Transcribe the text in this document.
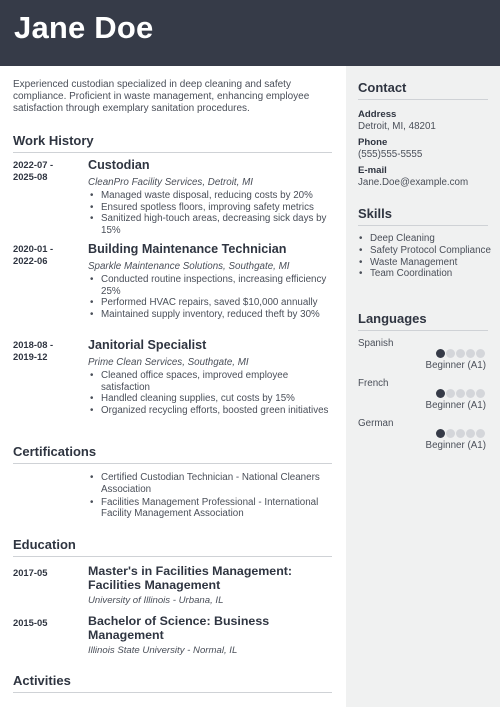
Jane Doe
Contact
Address
Detroit, MI, 48201
Phone
(555)555-5555
E-mail
Jane.Doe@example.com
Skills
• Deep Cleaning
• Safety Protocol Compliance
• Waste Management
• Team Coordination
Languages
Spanish
Beginner (A1)
French
Beginner (A1)
German
Beginner (A1)
Experienced custodian specialized in deep cleaning and safety compliance. Proficient in waste management, enhancing employee satisfaction through exemplary sanitation procedures.
Work History
2022-07 -
2025-08
Custodian
CleanPro Facility Services, Detroit, MI
• Managed waste disposal, reducing costs by 20%
• Ensured spotless floors, improving safety metrics
• Sanitized high-touch areas, decreasing sick days by 15%
2020-01 -
2022-06
Building Maintenance Technician
Sparkle Maintenance Solutions, Southgate, MI
• Conducted routine inspections, increasing efficiency 25%
• Performed HVAC repairs, saved $10,000 annually
• Maintained supply inventory, reduced theft by 30%
2018-08 -
2019-12
Janitorial Specialist
Prime Clean Services, Southgate, MI
• Cleaned office spaces, improved employee satisfaction
• Handled cleaning supplies, cut costs by 15%
• Organized recycling efforts, boosted green initiatives
Certifications
• Certified Custodian Technician - National Cleaners Association
• Facilities Management Professional - International Facility Management Association
Education
2017-05	Master's in Facilities Management: Facilities Management
University of Illinois - Urbana, IL
2015-05	Bachelor of Science: Business Management
Illinois State University - Normal, IL
Activities
